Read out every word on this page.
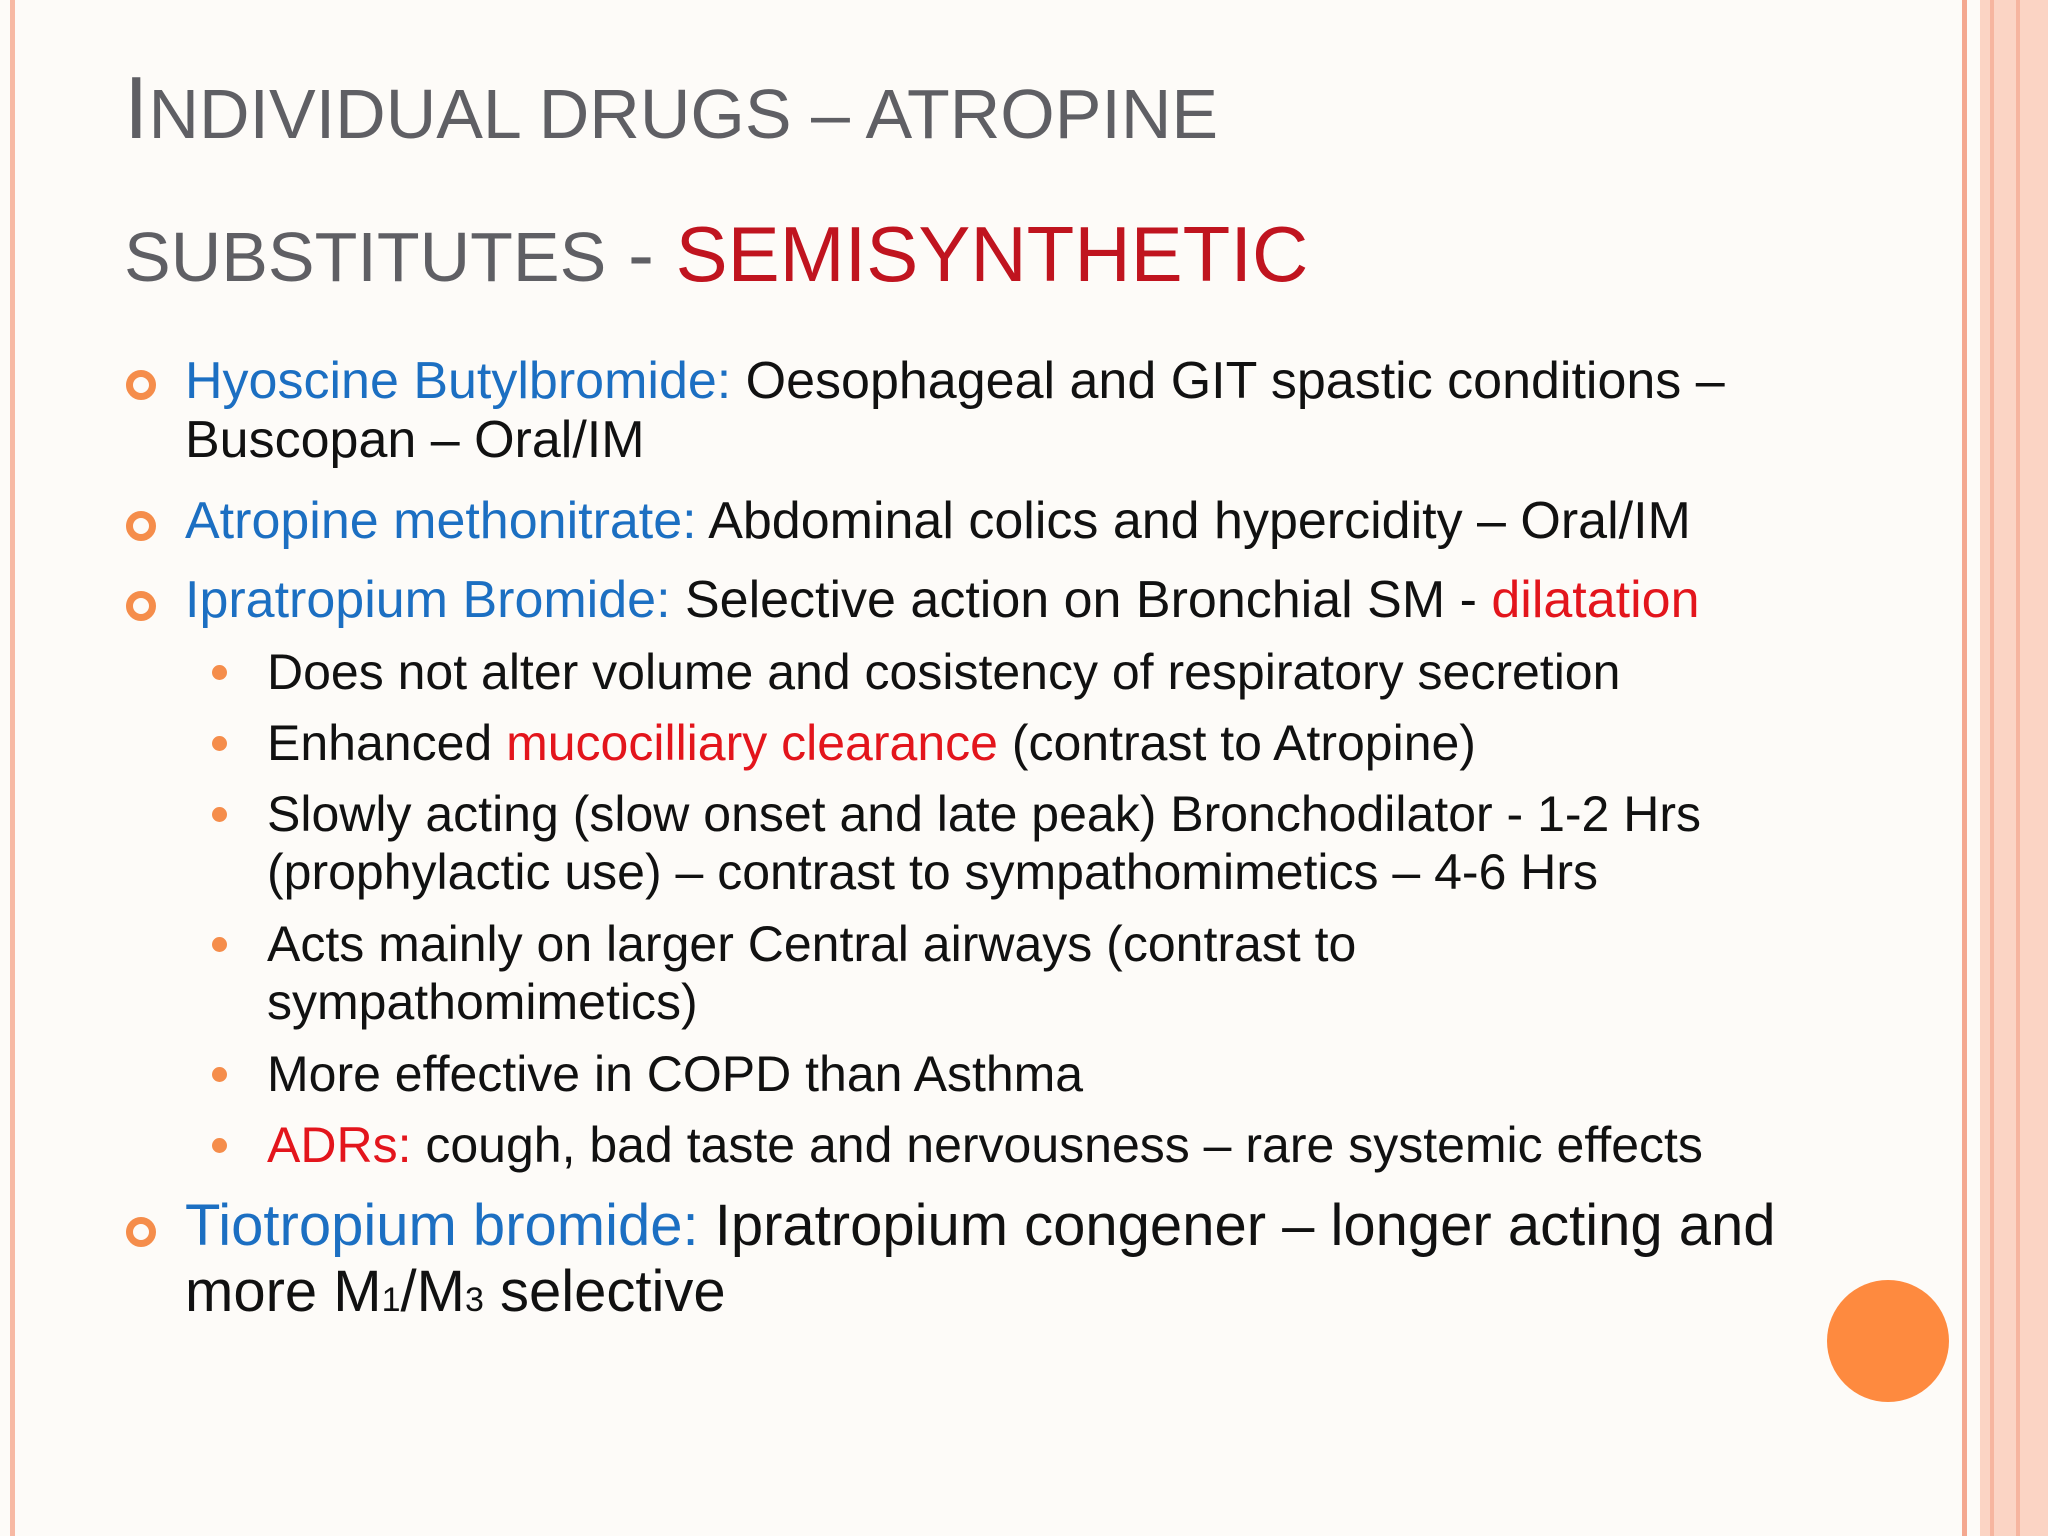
INDIVIDUAL DRUGS – ATROPINE
SUBSTITUTES - SEMISYNTHETIC
Hyoscine Butylbromide: Oesophageal and GIT spastic conditions –
Buscopan – Oral/IM
Atropine methonitrate: Abdominal colics and hypercidity – Oral/IM
Ipratropium Bromide: Selective action on Bronchial SM - dilatation
Does not alter volume and cosistency of respiratory secretion
Enhanced mucocilliary clearance (contrast to Atropine)
Slowly acting (slow onset and late peak) Bronchodilator - 1-2 Hrs
(prophylactic use) – contrast to sympathomimetics – 4-6 Hrs
Acts mainly on larger Central airways (contrast to
sympathomimetics)
More effective in COPD than Asthma
ADRs: cough, bad taste and nervousness – rare systemic effects
Tiotropium bromide: Ipratropium congener – longer acting and
more M1/M3 selective
